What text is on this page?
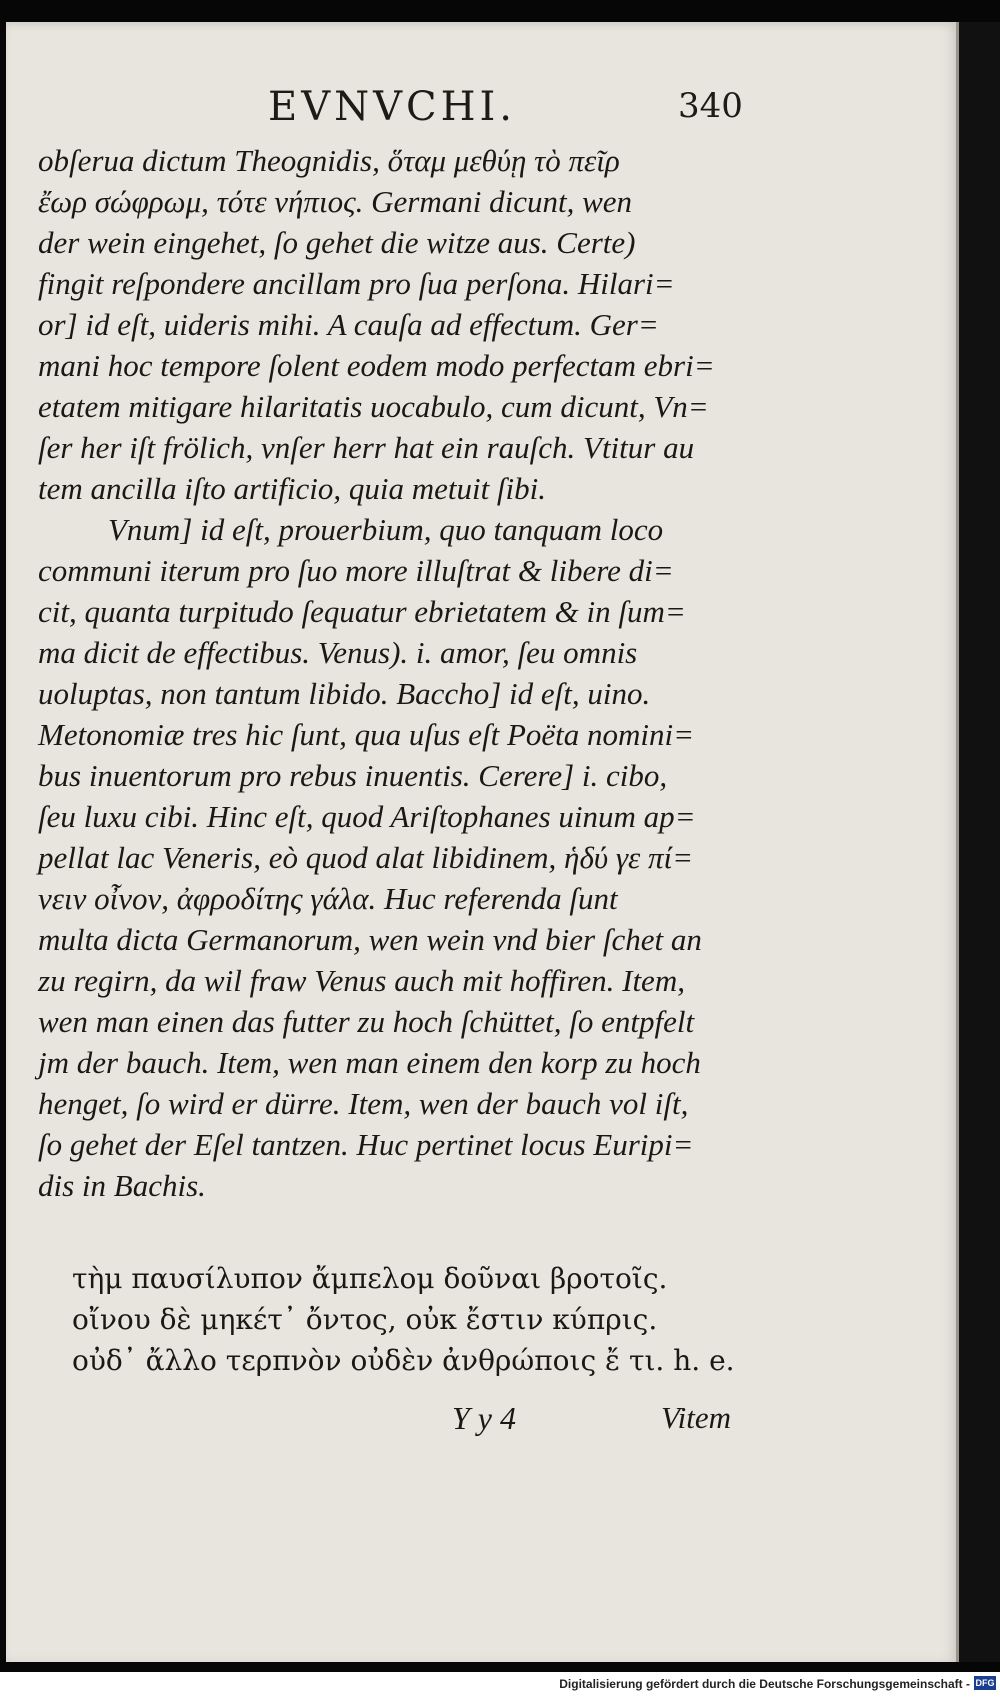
EVNVCHI.	340
obſerua dictum Theognidis, ὅταμ μεθύῃ τὸ πεῖρ
ἔωρ σώφρωμ, τότε νήπιος. Germani dicunt, wen
der wein eingehet, ſo gehet die witze aus. Certe)
fingit reſpondere ancillam pro ſua perſona. Hilari=
or] id eſt, uideris mihi. A cauſa ad effectum. Ger=
mani hoc tempore ſolent eodem modo perfectam ebri=
etatem mitigare hilaritatis uocabulo, cum dicunt, Vn=
ſer her iſt frölich, vnſer herr hat ein rauſch. Vtitur au
tem ancilla iſto artificio, quia metuit ſibi.
Vnum] id eſt, prouerbium, quo tanquam loco
communi iterum pro ſuo more illuſtrat & libere di=
cit, quanta turpitudo ſequatur ebrietatem & in ſum=
ma dicit de effectibus. Venus). i. amor, ſeu omnis
uoluptas, non tantum libido. Baccho] id eſt, uino.
Metonomiæ tres hic ſunt, qua uſus eſt Poëta nomini=
bus inuentorum pro rebus inuentis. Cerere] i. cibo,
ſeu luxu cibi. Hinc eſt, quod Ariſtophanes uinum ap=
pellat lac Veneris, eò quod alat libidinem, ἡδύ γε πί=
νειν οἶνον, ἀφροδίτης γάλα. Huc referenda ſunt
multa dicta Germanorum, wen wein vnd bier ſchet an
zu regirn, da wil fraw Venus auch mit hoffiren. Item,
wen man einen das futter zu hoch ſchüttet, ſo entpfelt
jm der bauch. Item, wen man einem den korp zu hoch
henget, ſo wird er dürre. Item, wen der bauch vol iſt,
ſo gehet der Eſel tantzen. Huc pertinet locus Euripi=
dis in Bachis.
τὴμ παυσίλυπον ἄμπελομ δοῦναι βροτοῖς.
οἴνου δὲ μηκέτ᾽ ὄντος, οὐκ ἔστιν κύπρις.
οὐδ᾽ ἄλλο τερπνὸν οὐδὲν ἀνθρώποις ἔ τι. h. e.
Y y 4	Vitem
Digitalisierung gefördert durch die Deutsche Forschungsgemeinschaft - DFG
